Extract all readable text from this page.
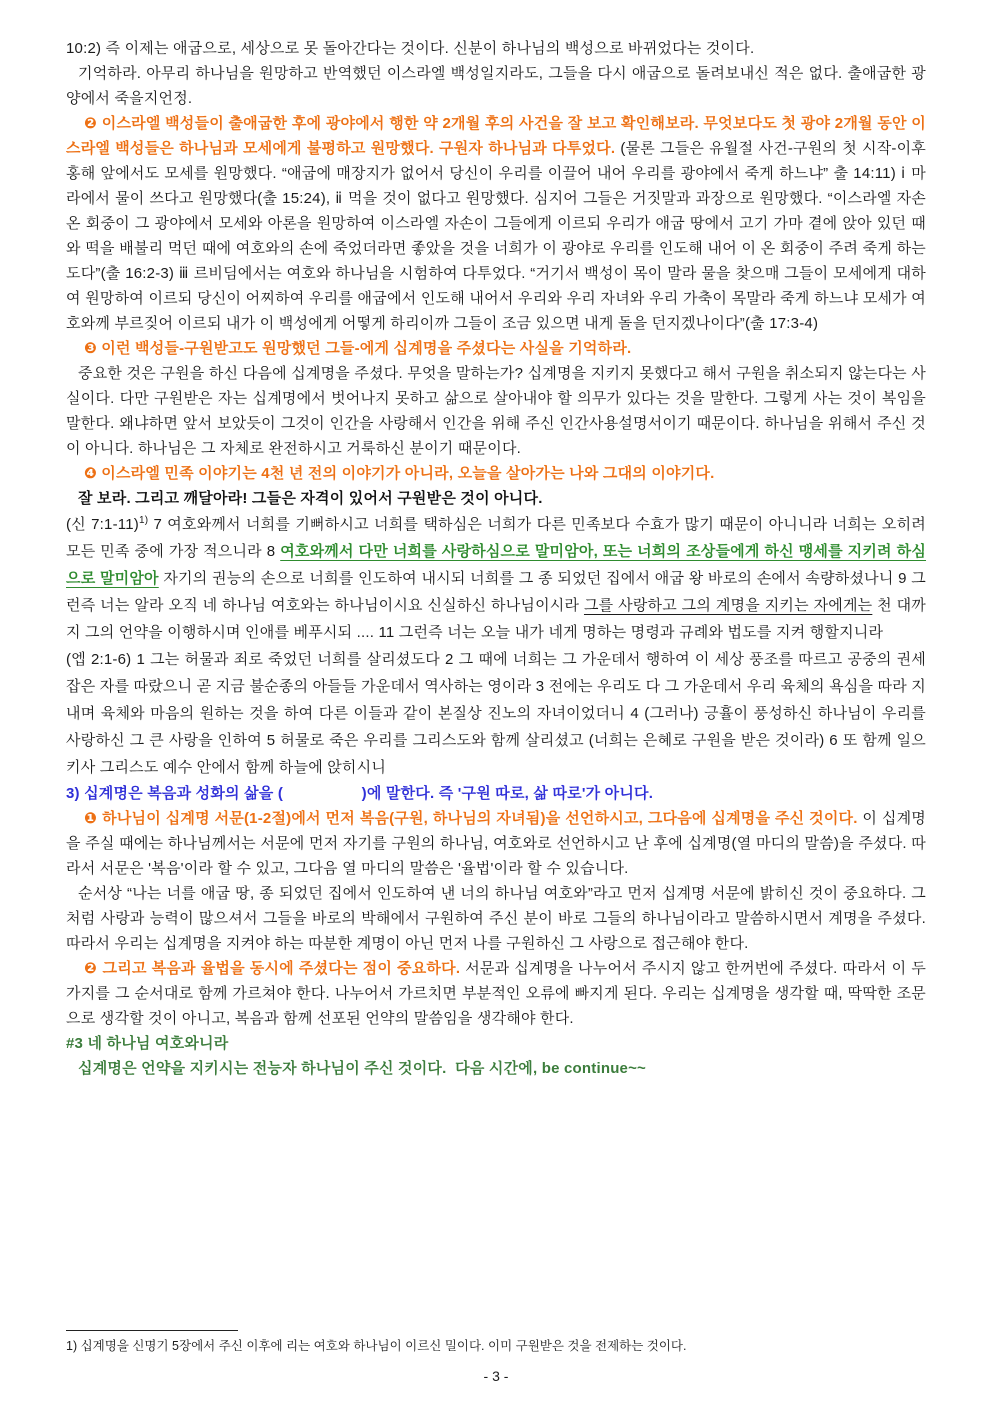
10:2) 즉 이제는 애굽으로, 세상으로 못 돌아간다는 것이다. 신분이 하나님의 백성으로 바뀌었다는 것이다.

기억하라. 아무리 하나님을 원망하고 반역했던 이스라엘 백성일지라도, 그들을 다시 애굽으로 돌려보내신 적은 없다. 출애굽한 광양에서 죽을지언정.

❷ 이스라엘 백성들이 출애굽한 후에 광야에서 행한 약 2개월 후의 사건을 잘 보고 확인해보라. 무엇보다도 첫 광야 2개월 동안 이스라엘 백성들은 하나님과 모세에게 불평하고 원망했다. 구원자 하나님과 다투었다. (물론 그들은 유월절 사건-구원의 첫 시작-이후 홍해 앞에서도 모세를 원망했다. “애굽에 매장지가 없어서 당신이 우리를 이끌어 내어 우리를 광야에서 죽게 하느냐” 출 14:11) ⅰ 마라에서 물이 쓰다고 원망했다(출 15:24), ⅱ 먹을 것이 없다고 원망했다. 심지어 그들은 거짓말과 과장으로 원망했다. “이스라엘 자손 온 회중이 그 광야에서 모세와 아론을 원망하여 이스라엘 자손이 그들에게 이르되 우리가 애굽 땅에서 고기 가마 곁에 앉아 있던 때와 떡을 배불리 먹던 때에 여호와의 손에 죽었더라면 좋았을 것을 너희가 이 광야로 우리를 인도해 내어 이 온 회중이 주려 죽게 하는도다”(출 16:2-3) ⅲ 르비딤에서는 여호와 하나님을 시험하여 다투었다. “거기서 백성이 목이 말라 물을 찾으매 그들이 모세에게 대하여 원망하여 이르되 당신이 어찌하여 우리를 애굽에서 인도해 내어서 우리와 우리 자녀와 우리 가축이 목말라 죽게 하느냐 모세가 여호와께 부르짖어 이르되 내가 이 백성에게 어떻게 하리이까 그들이 조금 있으면 내게 돌을 던지겠나이다”(출 17:3-4)

❸ 이런 백성들-구원받고도 원망했던 그들-에게 십계명을 주셨다는 사실을 기억하라.

중요한 것은 구원을 하신 다음에 십계명을 주셨다. 무엇을 말하는가? 십계명을 지키지 못했다고 해서 구원을 취소되지 않는다는 사실이다. 다만 구원받은 자는 십계명에서 벗어나지 못하고 삶으로 살아내야 할 의무가 있다는 것을 말한다. 그렇게 사는 것이 복임을 말한다. 왜냐하면 앞서 보았듯이 그것이 인간을 사랑해서 인간을 위해 주신 인간사용설명서이기 때문이다. 하나님을 위해서 주신 것이 아니다. 하나님은 그 자체로 완전하시고 거룩하신 분이기 때문이다.

❹ 이스라엘 민족 이야기는 4천 년 전의 이야기가 아니라, 오늘을 살아가는 나와 그대의 이야기다.

잘 보라. 그리고 깨달아라! 그들은 자격이 있어서 구원받은 것이 아니다.

(신 7:1-11)$^{1)}$ 7 여호와께서 너희를 기뻐하시고 너희를 택하심은 너희가 다른 민족보다 수효가 많기 때문이 아니니라 너희는 오히려 모든 민족 중에 가장 적으니라 8 여호와께서 다만 너희를 사랑하심으로 말미암아, 또는 너희의 조상들에게 하신 맹세를 지키려 하심으로 말미암아 자기의 권능의 손으로 너희를 인도하여 내시되 너희를 그 종 되었던 집에서 애굽 왕 바로의 손에서 속량하셨나니 9 그런즉 너는 알라 오직 네 하나님 여호와는 하나님이시요 신실하신 하나님이시라 그를 사랑하고 그의 계명을 지키는 자에게는 천 대까지 그의 언약을 이행하시며 인애를 베푸시되 .... 11 그런즉 너는 오늘 내가 네게 명하는 명령과 규례와 법도를 지켜 행할지니라

(엡 2:1-6) 1 그는 허물과 죄로 죽었던 너희를 살리셨도다 2 그 때에 너희는 그 가운데서 행하여 이 세상 풍조를 따르고 공중의 권세 잡은 자를 따랐으니 곧 지금 불순종의 아들들 가운데서 역사하는 영이라 3 전에는 우리도 다 그 가운데서 우리 육체의 욕심을 따라 지내며 육체와 마음의 원하는 것을 하여 다른 이들과 같이 본질상 진노의 자녀이었더니 4 (그러나) 긍휼이 풍성하신 하나님이 우리를 사랑하신 그 큰 사랑을 인하여 5 허물로 죽은 우리를 그리스도와 함께 살리셨고 (너희는 은혜로 구원을 받은 것이라) 6 또 함께 일으키사 그리스도 예수 안에서 함께 하늘에 앉히시니

3) 십계명은 복음과 성화의 삶을 (                  )에 말한다. 즉 '구원 따로, 삶 따로'가 아니다.

❶ 하나님이 십계명 서문(1-2절)에서 먼저 복음(구원, 하나님의 자녀됨)을 선언하시고, 그다음에 십계명을 주신 것이다. 이 십계명을 주실 때에는 하나님께서는 서문에 먼저 자기를 구원의 하나님, 여호와로 선언하시고 난 후에 십계명(열 마디의 말씀)을 주셨다. 따라서 서문은 '복음'이라 할 수 있고, 그다음 열 마디의 말씀은 '율법'이라 할 수 있습니다.

순서상 “나는 너를 애굽 땅, 종 되었던 집에서 인도하여 낸 너의 하나님 여호와”라고 먼저 십계명 서문에 밝히신 것이 중요하다. 그처럼 사랑과 능력이 많으셔서 그들을 바로의 박해에서 구원하여 주신 분이 바로 그들의 하나님이라고 말씀하시면서 계명을 주셨다. 따라서 우리는 십계명을 지켜야 하는 따분한 계명이 아닌 먼저 나를 구원하신 그 사랑으로 접근해야 한다.

❷ 그리고 복음과 율법을 동시에 주셨다는 점이 중요하다. 서문과 십계명을 나누어서 주시지 않고 한꺼번에 주셨다. 따라서 이 두 가지를 그 순서대로 함께 가르쳐야 한다. 나누어서 가르치면 부분적인 오류에 빠지게 된다. 우리는 십계명을 생각할 때, 딱딱한 조문으로 생각할 것이 아니고, 복음과 함께 선포된 언약의 말씀임을 생각해야 한다.

#3 네 하나님 여호와니라

십계명은 언약을 지키시는 전능자 하나님이 주신 것이다.  다음 시간에, be continue~~

1) 십계명을 신명기 5장에서 주신 이후에 리는 여호와 하나님이 이르신 밀이다. 이미 구원받은 것을 전제하는 것이다.
- 3 -
